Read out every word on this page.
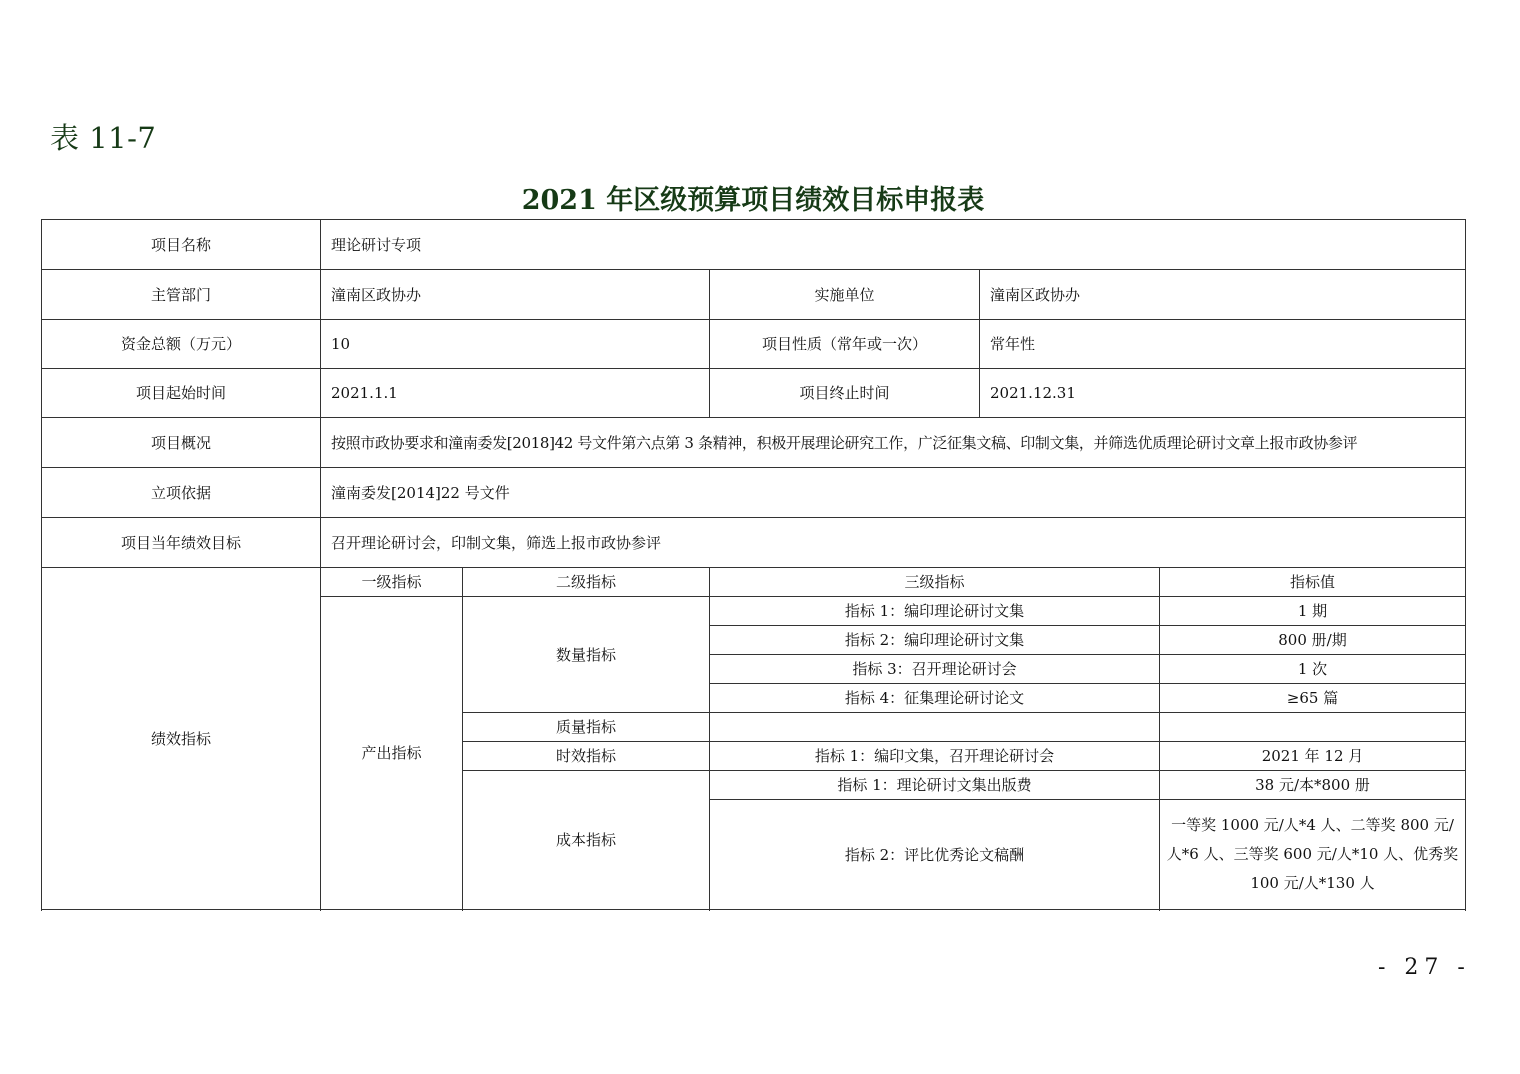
表 11-7
2021 年区级预算项目绩效目标申报表
项目名称	理论研讨专项				
主管部门	潼南区政协办		实施单位	潼南区政协办	
资金总额（万元）	10		项目性质（常年或一次）	常年性	
项目起始时间	2021.1.1		项目终止时间	2021.12.31	
项目概况	按照市政协要求和潼南委发[2018]42 号文件第六点第 3 条精神，积极开展理论研究工作，广泛征集文稿、印制文集，并筛选优质理论研讨文章上报市政协参评				
立项依据	潼南委发[2014]22 号文件				
项目当年绩效目标	召开理论研讨会，印制文集，筛选上报市政协参评				
绩效指标	一级指标	二级指标	三级指标		指标值
	产出指标	数量指标	指标 1：编印理论研讨文集		1 期
			指标 2：编印理论研讨文集		800 册/期
			指标 3：召开理论研讨会		1 次
			指标 4：征集理论研讨论文		≥65 篇
		质量指标			
		时效指标	指标 1：编印文集，召开理论研讨会		2021 年 12 月
		成本指标	指标 1：理论研讨文集出版费		38 元/本*800 册
			指标 2：评比优秀论文稿酬		一等奖 1000 元/人*4 人、二等奖 800 元/人*6 人、三等奖 600 元/人*10 人、优秀奖 100 元/人*130 人

- 27 -
